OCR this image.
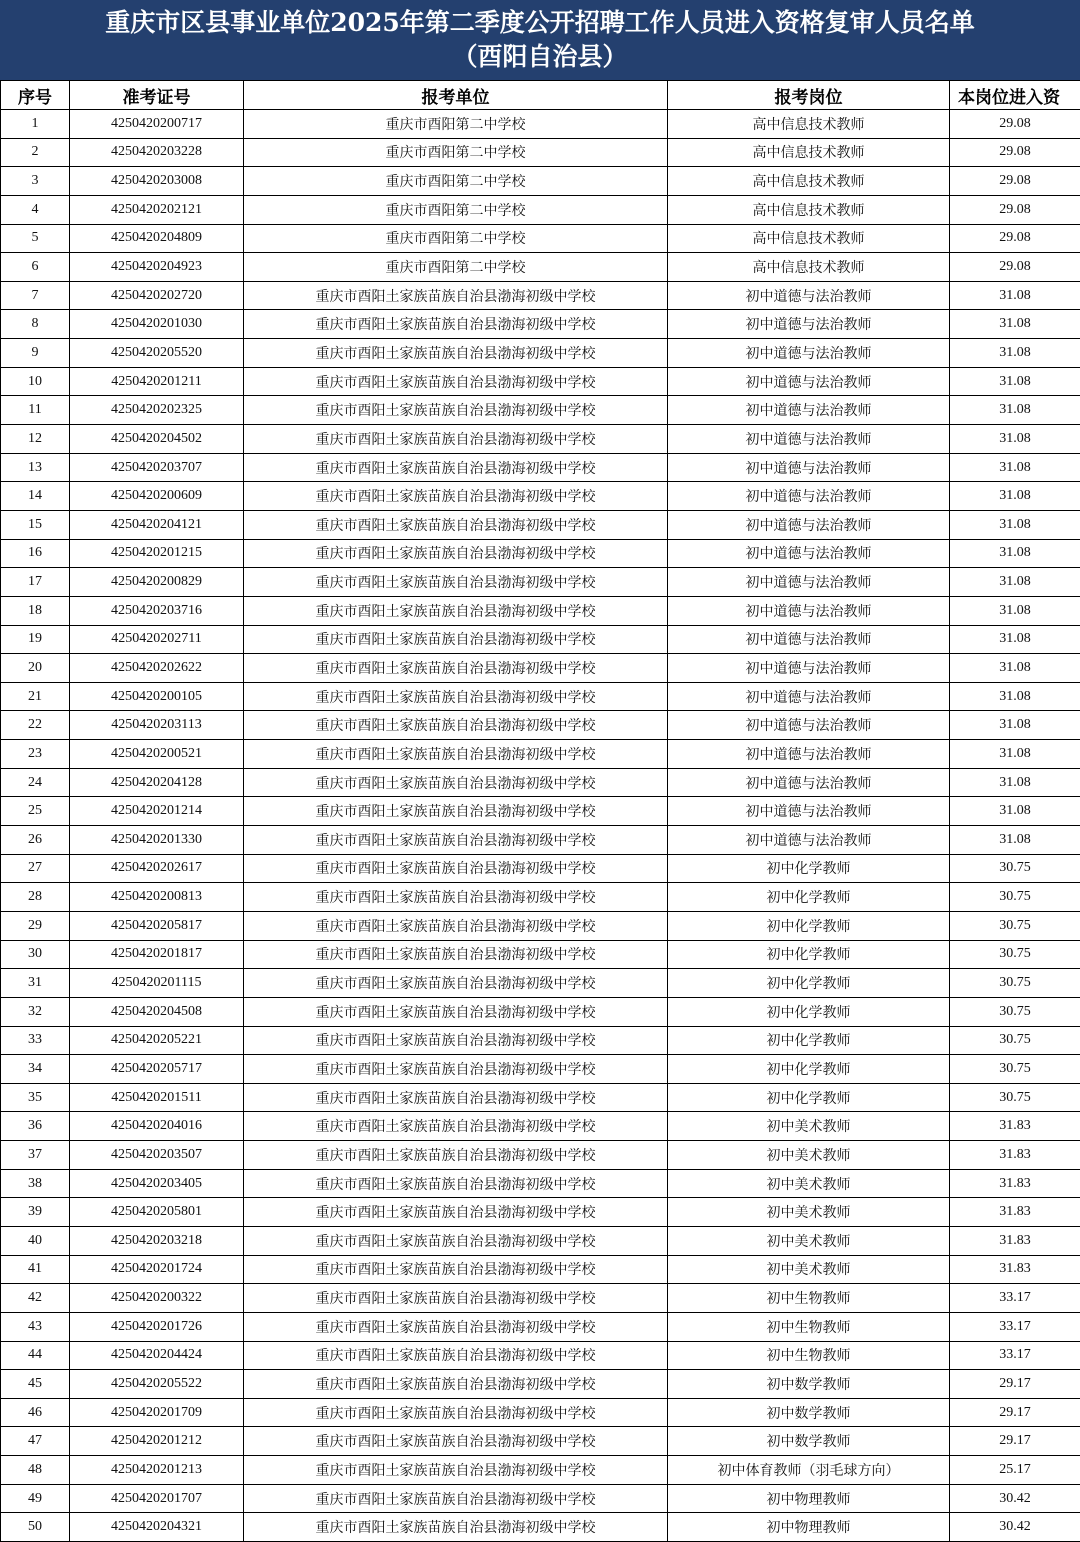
重庆市区县事业单位2025年第二季度公开招聘工作人员进入资格复审人员名单
（酉阳自治县）
序号	准考证号	报考单位	报考岗位	本岗位进入资
1	4250420200717	重庆市酉阳第二中学校	高中信息技术教师	29.08
2	4250420203228	重庆市酉阳第二中学校	高中信息技术教师	29.08
3	4250420203008	重庆市酉阳第二中学校	高中信息技术教师	29.08
4	4250420202121	重庆市酉阳第二中学校	高中信息技术教师	29.08
5	4250420204809	重庆市酉阳第二中学校	高中信息技术教师	29.08
6	4250420204923	重庆市酉阳第二中学校	高中信息技术教师	29.08
7	4250420202720	重庆市酉阳土家族苗族自治县渤海初级中学校	初中道德与法治教师	31.08
8	4250420201030	重庆市酉阳土家族苗族自治县渤海初级中学校	初中道德与法治教师	31.08
9	4250420205520	重庆市酉阳土家族苗族自治县渤海初级中学校	初中道德与法治教师	31.08
10	4250420201211	重庆市酉阳土家族苗族自治县渤海初级中学校	初中道德与法治教师	31.08
11	4250420202325	重庆市酉阳土家族苗族自治县渤海初级中学校	初中道德与法治教师	31.08
12	4250420204502	重庆市酉阳土家族苗族自治县渤海初级中学校	初中道德与法治教师	31.08
13	4250420203707	重庆市酉阳土家族苗族自治县渤海初级中学校	初中道德与法治教师	31.08
14	4250420200609	重庆市酉阳土家族苗族自治县渤海初级中学校	初中道德与法治教师	31.08
15	4250420204121	重庆市酉阳土家族苗族自治县渤海初级中学校	初中道德与法治教师	31.08
16	4250420201215	重庆市酉阳土家族苗族自治县渤海初级中学校	初中道德与法治教师	31.08
17	4250420200829	重庆市酉阳土家族苗族自治县渤海初级中学校	初中道德与法治教师	31.08
18	4250420203716	重庆市酉阳土家族苗族自治县渤海初级中学校	初中道德与法治教师	31.08
19	4250420202711	重庆市酉阳土家族苗族自治县渤海初级中学校	初中道德与法治教师	31.08
20	4250420202622	重庆市酉阳土家族苗族自治县渤海初级中学校	初中道德与法治教师	31.08
21	4250420200105	重庆市酉阳土家族苗族自治县渤海初级中学校	初中道德与法治教师	31.08
22	4250420203113	重庆市酉阳土家族苗族自治县渤海初级中学校	初中道德与法治教师	31.08
23	4250420200521	重庆市酉阳土家族苗族自治县渤海初级中学校	初中道德与法治教师	31.08
24	4250420204128	重庆市酉阳土家族苗族自治县渤海初级中学校	初中道德与法治教师	31.08
25	4250420201214	重庆市酉阳土家族苗族自治县渤海初级中学校	初中道德与法治教师	31.08
26	4250420201330	重庆市酉阳土家族苗族自治县渤海初级中学校	初中道德与法治教师	31.08
27	4250420202617	重庆市酉阳土家族苗族自治县渤海初级中学校	初中化学教师	30.75
28	4250420200813	重庆市酉阳土家族苗族自治县渤海初级中学校	初中化学教师	30.75
29	4250420205817	重庆市酉阳土家族苗族自治县渤海初级中学校	初中化学教师	30.75
30	4250420201817	重庆市酉阳土家族苗族自治县渤海初级中学校	初中化学教师	30.75
31	4250420201115	重庆市酉阳土家族苗族自治县渤海初级中学校	初中化学教师	30.75
32	4250420204508	重庆市酉阳土家族苗族自治县渤海初级中学校	初中化学教师	30.75
33	4250420205221	重庆市酉阳土家族苗族自治县渤海初级中学校	初中化学教师	30.75
34	4250420205717	重庆市酉阳土家族苗族自治县渤海初级中学校	初中化学教师	30.75
35	4250420201511	重庆市酉阳土家族苗族自治县渤海初级中学校	初中化学教师	30.75
36	4250420204016	重庆市酉阳土家族苗族自治县渤海初级中学校	初中美术教师	31.83
37	4250420203507	重庆市酉阳土家族苗族自治县渤海初级中学校	初中美术教师	31.83
38	4250420203405	重庆市酉阳土家族苗族自治县渤海初级中学校	初中美术教师	31.83
39	4250420205801	重庆市酉阳土家族苗族自治县渤海初级中学校	初中美术教师	31.83
40	4250420203218	重庆市酉阳土家族苗族自治县渤海初级中学校	初中美术教师	31.83
41	4250420201724	重庆市酉阳土家族苗族自治县渤海初级中学校	初中美术教师	31.83
42	4250420200322	重庆市酉阳土家族苗族自治县渤海初级中学校	初中生物教师	33.17
43	4250420201726	重庆市酉阳土家族苗族自治县渤海初级中学校	初中生物教师	33.17
44	4250420204424	重庆市酉阳土家族苗族自治县渤海初级中学校	初中生物教师	33.17
45	4250420205522	重庆市酉阳土家族苗族自治县渤海初级中学校	初中数学教师	29.17
46	4250420201709	重庆市酉阳土家族苗族自治县渤海初级中学校	初中数学教师	29.17
47	4250420201212	重庆市酉阳土家族苗族自治县渤海初级中学校	初中数学教师	29.17
48	4250420201213	重庆市酉阳土家族苗族自治县渤海初级中学校	初中体育教师（羽毛球方向）	25.17
49	4250420201707	重庆市酉阳土家族苗族自治县渤海初级中学校	初中物理教师	30.42
50	4250420204321	重庆市酉阳土家族苗族自治县渤海初级中学校	初中物理教师	30.42
